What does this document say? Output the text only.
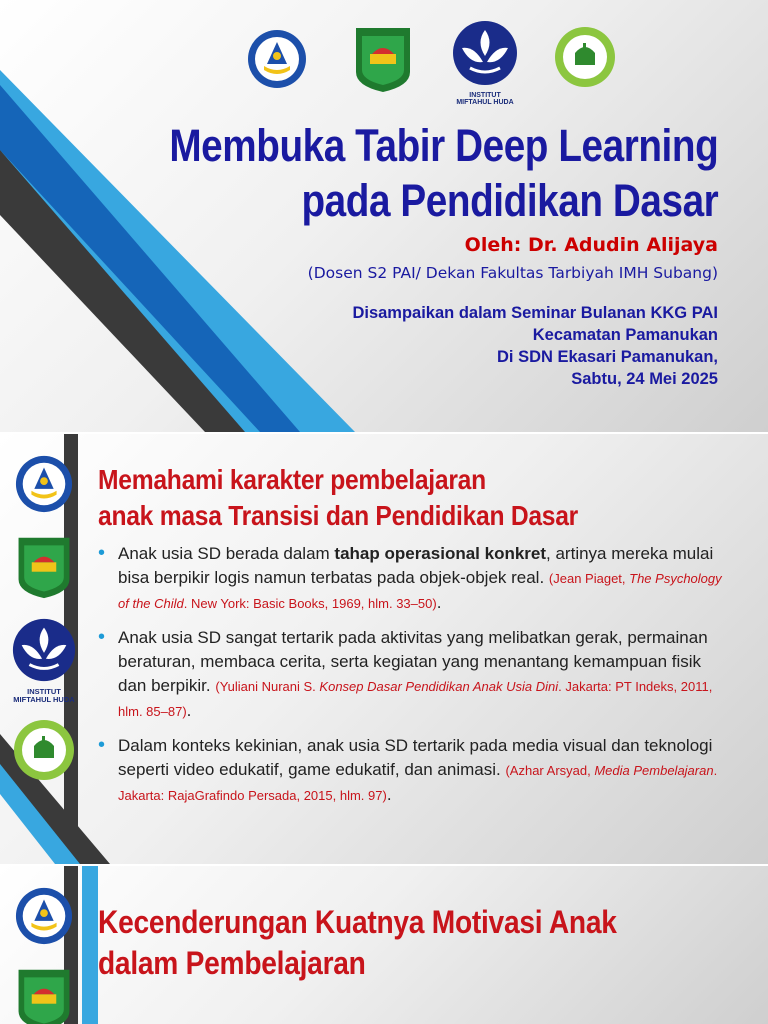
INSTITUT
MIFTAHUL HUDA
Membuka Tabir Deep Learning
pada Pendidikan Dasar
Oleh: Dr. Adudin Alijaya
(Dosen S2 PAI/ Dekan Fakultas Tarbiyah IMH Subang)
Disampaikan dalam Seminar Bulanan KKG PAI
Kecamatan Pamanukan
Di SDN Ekasari Pamanukan,
Sabtu, 24 Mei 2025
INSTITUT
MIFTAHUL HUDA
Memahami karakter pembelajaran
anak masa Transisi dan Pendidikan Dasar
• Anak usia SD berada dalam tahap operasional konkret, artinya mereka mulai bisa berpikir logis namun terbatas pada objek-objek real. (Jean Piaget, The Psychology of the Child. New York: Basic Books, 1969, hlm. 33–50).
• Anak usia SD sangat tertarik pada aktivitas yang melibatkan gerak, permainan beraturan, membaca cerita, serta kegiatan yang menantang kemampuan fisik dan berpikir. (Yuliani Nurani S. Konsep Dasar Pendidikan Anak Usia Dini. Jakarta: PT Indeks, 2011, hlm. 85–87).
• Dalam konteks kekinian, anak usia SD tertarik pada media visual dan teknologi seperti video edukatif, game edukatif, dan animasi. (Azhar Arsyad, Media Pembelajaran. Jakarta: RajaGrafindo Persada, 2015, hlm. 97).
Kecenderungan Kuatnya Motivasi Anak
dalam Pembelajaran
